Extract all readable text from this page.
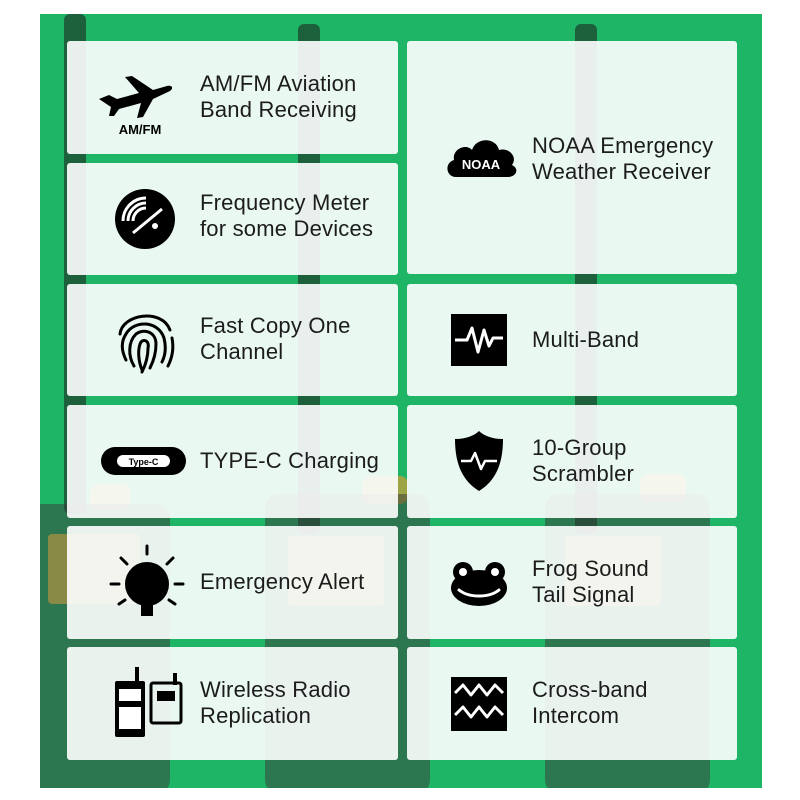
AM/FM
AM/FM Aviation
Band Receiving
NOAA
NOAA Emergency
Weather Receiver
Frequency Meter
for some Devices
Fast Copy One
Channel	Multi-Band
Type-C TYPE-C Charging
10-Group
Scrambler
Emergency Alert
Frog Sound
Tail Signal
Wireless Radio
Replication
Cross-band
Intercom
